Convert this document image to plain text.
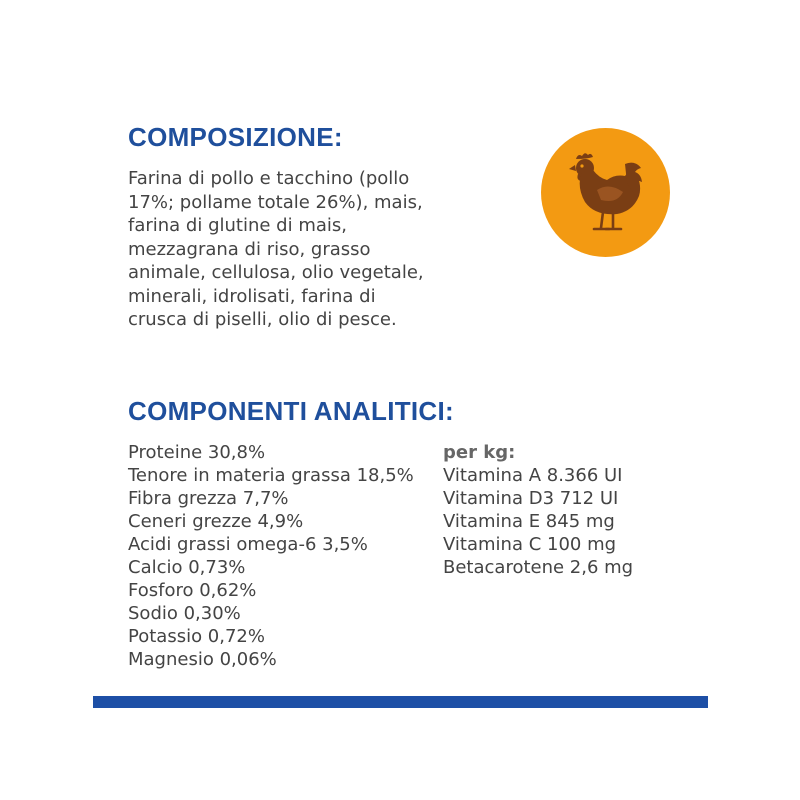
COMPOSIZIONE:

Farina di pollo e tacchino (pollo 17%; pollame totale 26%), mais, farina di glutine di mais, mezzagrana di riso, grasso animale, cellulosa, olio vegetale, minerali, idrolisati, farina di crusca di piselli, olio di pesce.

COMPONENTI ANALITICI:
Proteine 30,8%
Tenore in materia grassa 18,5%
Fibra grezza 7,7%
Ceneri grezze 4,9%
Acidi grassi omega-6 3,5%
Calcio 0,73%
Fosforo 0,62%
Sodio 0,30%
Potassio 0,72%
Magnesio 0,06%
per kg:
Vitamina A 8.366 UI
Vitamina D3 712 UI
Vitamina E 845 mg
Vitamina C 100 mg
Betacarotene 2,6 mg
